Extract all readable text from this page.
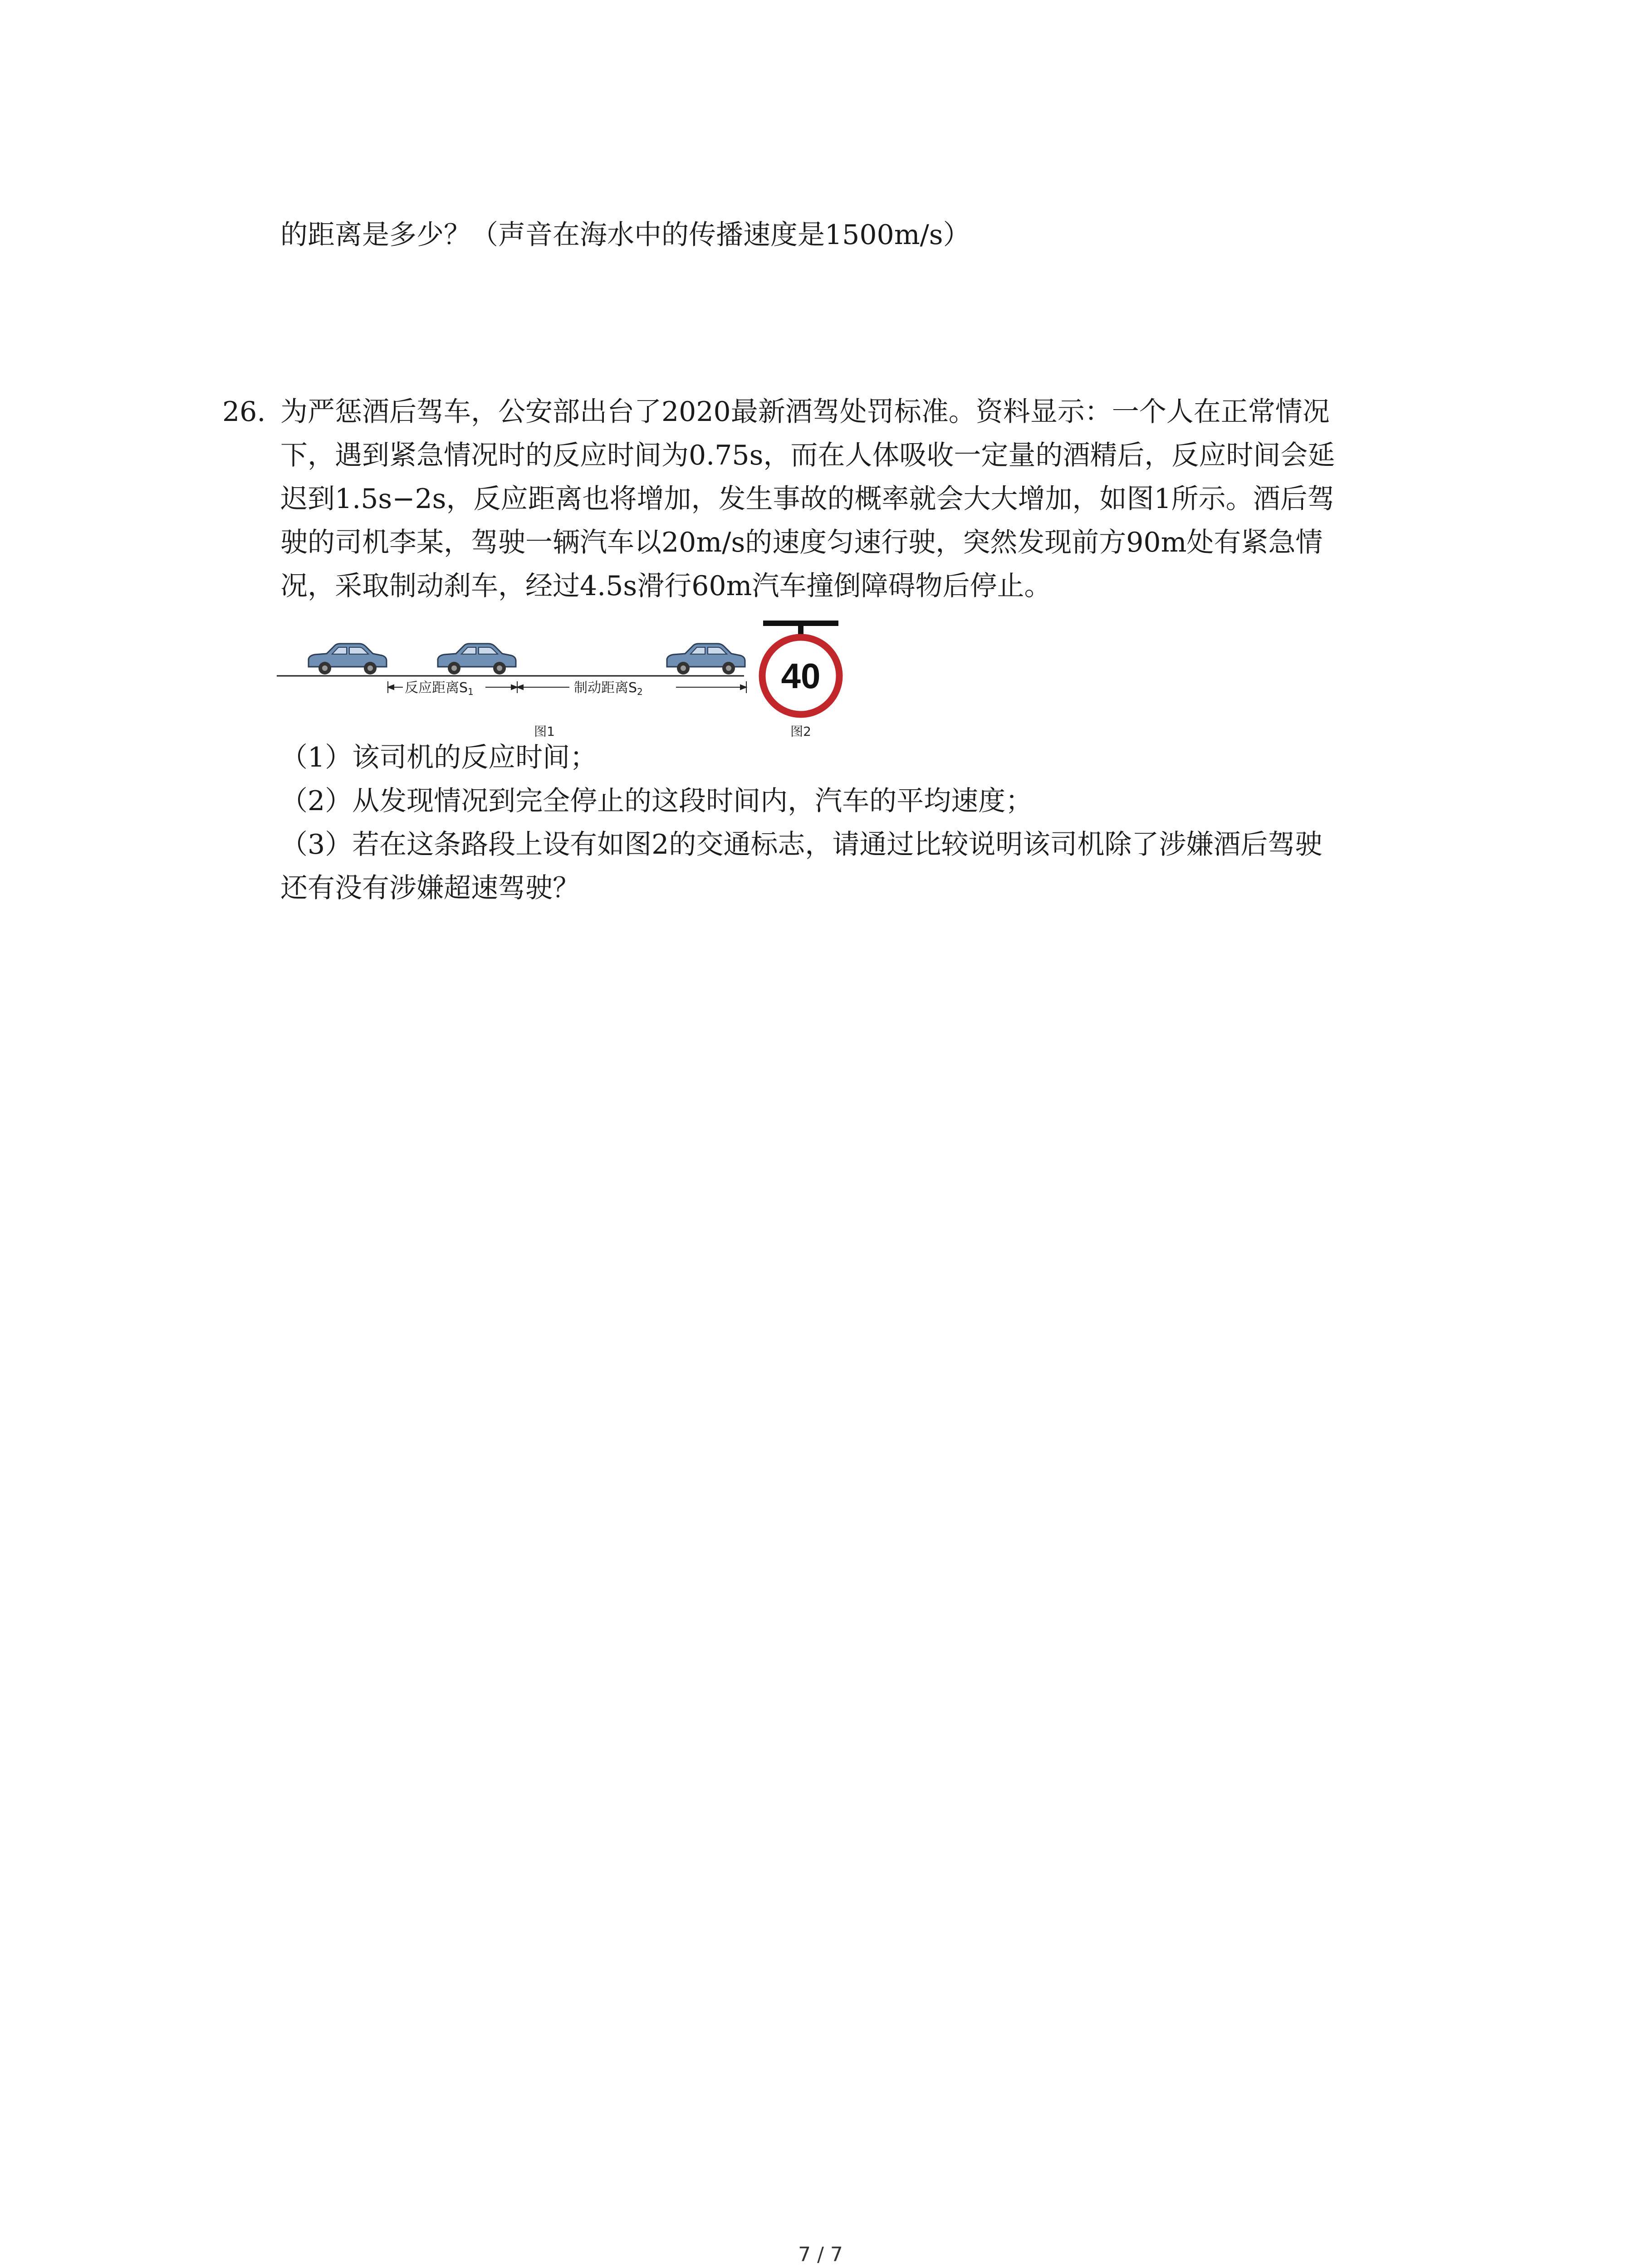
的距离是多少？（声音在海水中的传播速度是1500m/s）
26. 为严惩酒后驾车，公安部出台了2020最新酒驾处罚标准。资料显示：一个人在正常情况
下，遇到紧急情况时的反应时间为0.75s，而在人体吸收一定量的酒精后，反应时间会延
迟到1.5s−2s，反应距离也将增加，发生事故的概率就会大大增加，如图1所示。酒后驾
驶的司机李某，驾驶一辆汽车以20m/s的速度匀速行驶，突然发现前方90m处有紧急情
况，采取制动刹车，经过4.5s滑行60m汽车撞倒障碍物后停止。
反应距离$S_1$	制动距离$S_2$
图1
40
图2
（1）该司机的反应时间；
（2）从发现情况到完全停止的这段时间内，汽车的平均速度；
（3）若在这条路段上设有如图2的交通标志，请通过比较说明该司机除了涉嫌酒后驾驶
还有没有涉嫌超速驾驶？
7 / 7
